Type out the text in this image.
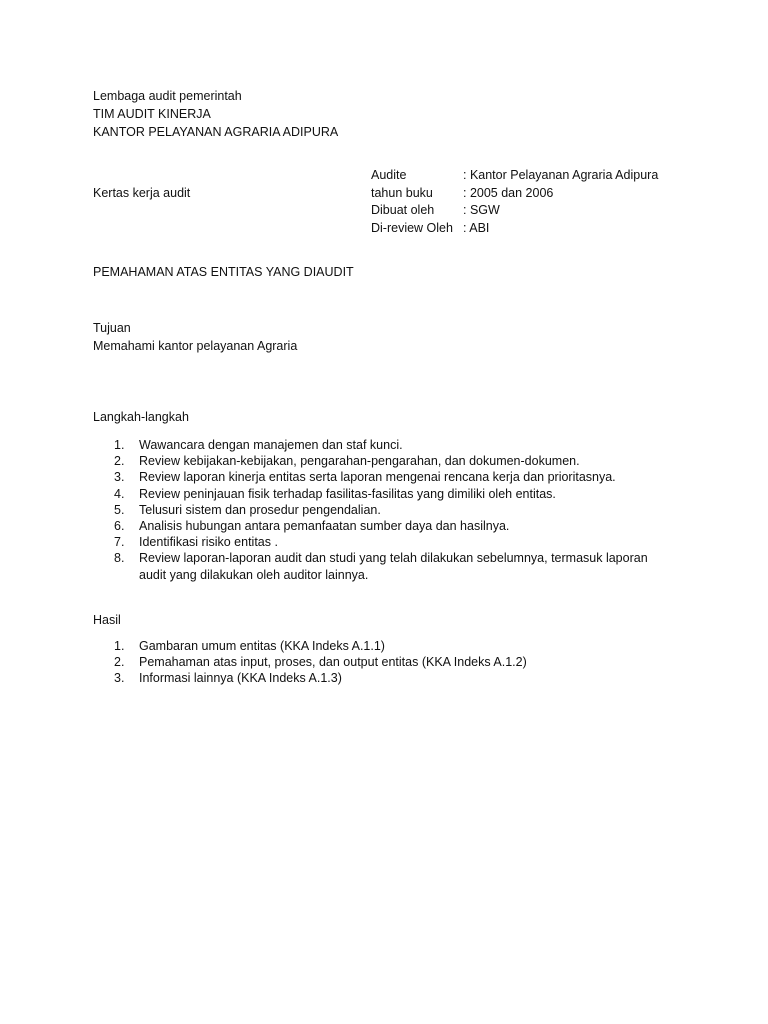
Lembaga audit pemerintah
TIM AUDIT KINERJA
KANTOR PELAYANAN AGRARIA ADIPURA
Kertas kerja audit
Audite	: Kantor Pelayanan Agraria Adipura
tahun buku	: 2005 dan 2006
Dibuat oleh	: SGW
Di-review Oleh	: ABI
PEMAHAMAN ATAS ENTITAS YANG DIAUDIT
Tujuan
Memahami kantor pelayanan Agraria
Langkah-langkah
1.	Wawancara dengan manajemen dan staf kunci.
2.	Review kebijakan-kebijakan, pengarahan-pengarahan, dan dokumen-dokumen.
3.	Review laporan kinerja entitas serta laporan mengenai rencana kerja dan prioritasnya.
4.	Review peninjauan fisik terhadap fasilitas-fasilitas yang dimiliki oleh entitas.
5.	Telusuri sistem dan prosedur pengendalian.
6.	Analisis hubungan antara pemanfaatan sumber daya dan hasilnya.
7.	Identifikasi risiko entitas .
8.	Review laporan-laporan audit dan studi yang telah dilakukan sebelumnya, termasuk laporan audit yang dilakukan oleh auditor lainnya.
Hasil
1.	Gambaran umum entitas (KKA Indeks A.1.1)
2.	Pemahaman atas input, proses, dan output entitas (KKA Indeks A.1.2)
3.	Informasi lainnya (KKA Indeks A.1.3)
